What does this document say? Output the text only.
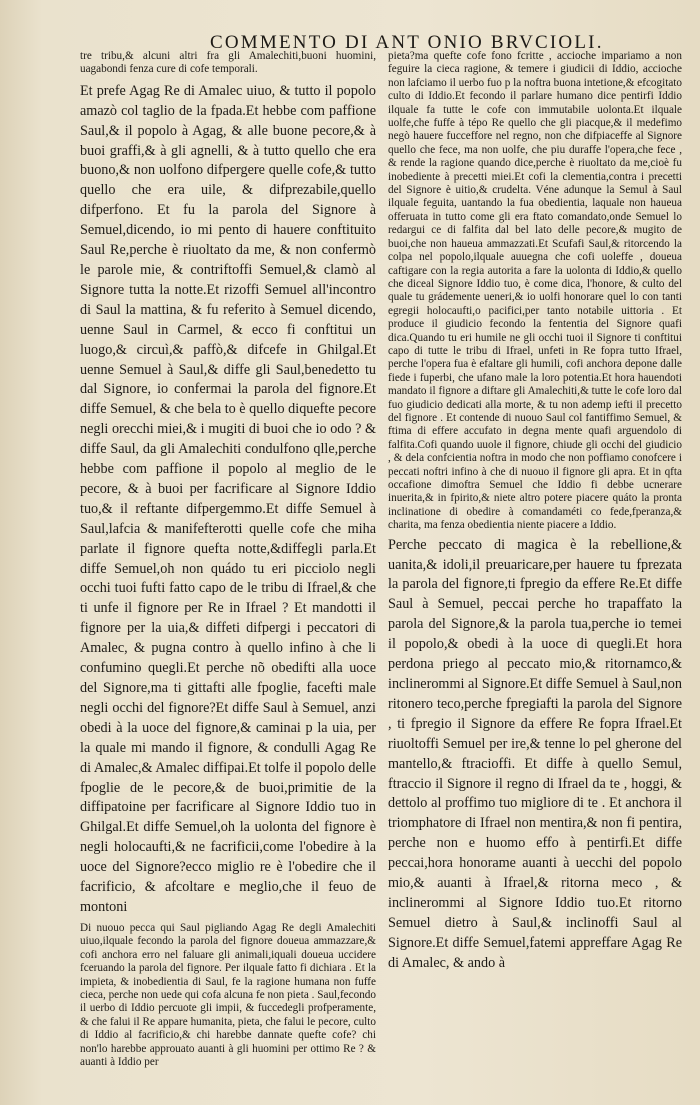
COMMENTO DI ANT ONIO BRVCIOLI.

tre tribu,& alcuni altri fra gli Amalechiti,buoni huomini, uagabondi fenza cure di cofe temporali.

Et prefe Agag Re di Amalec uiuo, & tutto il popolo amazò col taglio de la fpada.Et hebbe com paffione Saul,& il popolo à Agag, & alle buone pecore,& à buoi graffi,& à gli agnelli, & à tutto quello che era buono,& non uolfono difpergere quelle cofe,& tutto quello che era uile, & difprezabile,quello difperfono. Et fu la parola del Signore à Semuel,dicendo, io mi pento di hauere conftituito Saul Re,perche è riuoltato da me, & non confermò le parole mie, & contriftoffi Semuel,& clamò al Signore tutta la notte.Et rizoffi Semuel all'incontro di Saul la mattina, & fu referito à Semuel dicendo, uenne Saul in Carmel, & ecco fi conftitui un luogo,& circuì,& paffò,& difcefe in Ghilgal.Et uenne Semuel à Saul,& diffe gli Saul,benedetto tu dal Signore, io confermai la parola del fignore.Et diffe Semuel, & che bela to è quello diquefte pecore negli orecchi miei,& i mugiti di buoi che io odo ? & diffe Saul, da gli Amalechiti condulfono qlle,perche hebbe com paffione il popolo al meglio de le pecore, & à buoi per facrificare al Signore Iddio tuo,& il reftante difpergemmo.Et diffe Semuel à Saul,lafcia & manifefterotti quelle cofe che miha parlate il fignore quefta notte,&diffegli parla.Et diffe Semuel,oh non quádo tu eri picciolo negli occhi tuoi fufti fatto capo de le tribu di Ifrael,& che ti unfe il fignore per Re in Ifrael ? Et mandotti il fignore per la uia,& diffeti difpergi i peccatori di Amalec, & pugna contro à quello infino à che li confumino quegli.Et perche nõ obedifti alla uoce del Signore,ma ti gittafti alle fpoglie, facefti male negli occhi del fignore?Et diffe Saul à Semuel, anzi obedi à la uoce del fignore,& caminai p la uia, per la quale mi mando il fignore, & condulli Agag Re di Amalec,& Amalec diffipai.Et tolfe il popolo delle fpoglie de le pecore,& de buoi,primitie de la diffipatoine per facrificare al Signore Iddio tuo in Ghilgal.Et diffe Semuel,oh la uolonta del fignore è negli holocaufti,& ne facrificii,come l'obedire à la uoce del Signore?ecco miglio re è l'obedire che il facrificio, & afcoltare e meglio,che il feuo de montoni

Di nuouo pecca qui Saul pigliando Agag Re degli Amalechiti uiuo,ilquale fecondo la parola del fignore doueua ammazzare,& cofi anchora erro nel faluare gli animali,iquali doueua uccidere fceruando la parola del fignore. Per ilquale fatto fi dichiara . Et la impieta, & inobedientia di Saul, fe la ragione humana non fuffe cieca, perche non uede qui cofa alcuna fe non pieta . Saul,fecondo il uerbo di Iddio percuote gli impii, & fuccedegli profperamente, & che falui il Re appare humanita, pieta, che falui le pecore, culto di Iddio al facrificio,& chi harebbe dannate quefte cofe? chi non'lo harebbe approuato auanti à gli huomini per ottimo Re ? & auanti à Iddio per

pieta?ma quefte cofe fono fcritte , accioche impariamo a non feguire la cieca ragione, & temere i giudicii di Iddio, accioche non lafciamo il uerbo fuo p la noftra buona intetione,& efcogitato culto di Iddio.Et fecondo il parlare humano dice pentirfi Iddio ilquale fa tutte le cofe con immutabile uolonta.Et ilquale uolfe,che fuffe à tépo Re quello che gli piacque,& il medefimo negò hauere fucceffore nel regno, non che difpiaceffe al Signore quello che fece, ma non uolfe, che piu duraffe l'opera,che fece , & rende la ragione quando dice,perche è riuoltato da me,cioè fu inobediente à precetti miei.Et cofi la clementia,contra i precetti del Signore è uitio,& crudelta. Véne adunque la Semul à Saul ilquale feguita, uantando la fua obedientia, laquale non haueua offeruata in tutto come gli era ftato comandato,onde Semuel lo redargui ce di falfita dal bel lato delle pecore,& mugito de buoi,che non haueua ammazzati.Et Scufafi Saul,& ritorcendo la colpa nel popolo,ilquale auuegna che cofi uoleffe , doueua caftigare con la regia autorita a fare la uolonta di Iddio,& quello che diceal Signore Iddio tuo, è come dica, l'honore, & culto del quale tu grádemente ueneri,& io uolfi honorare quel lo con tanti egregii holocaufti,o pacifici,per tanto notabile uittoria . Et produce il giudicio fecondo la fententia del Signore quafi dica.Quando tu eri humile ne gli occhi tuoi il Signore ti conftitui capo di tutte le tribu di Ifrael, unfeti in Re fopra tutto Ifrael, perche l'opera fua è efaltare gli humili, cofi anchora depone dalle fiede i fuperbi, che ufano male la loro potentia.Et hora hauendoti mandato il fignore a diftare gli Amalechiti,& tutte le cofe loro dal fuo giudicio dedicati alla morte, & tu non ademp iefti il precetto del fignore . Et contende di nuouo Saul col fantiffimo Semuel, & ftima di effere accufato in degna mente quafi arguendolo di falfita.Cofi quando uuole il fignore, chiude gli occhi del giudicio , & dela confcientia noftra in modo che non poffiamo conofcere i peccati noftri infino à che di nuouo il fignore gli apra. Et in qfta occafione dimoftra Semuel che Iddio fi debbe ucnerare inuerita,& in fpirito,& niete altro potere piacere quáto la pronta inclinatione di obedire à comandaméti co fede,fperanza,& charita, ma fenza obedientia niente piacere a Iddio.

Perche peccato di magica è la rebellione,& uanita,& idoli,il preuaricare,per hauere tu fprezata la parola del fignore,ti fpregio da effere Re.Et diffe Saul à Semuel, peccai perche ho trapaffato la parola del Signore,& la parola tua,perche io temei il popolo,& obedi à la uoce di quegli.Et hora perdona priego al peccato mio,& ritornamco,& inclinerommi al Signore.Et diffe Semuel à Saul,non ritonero teco,perche fpregiafti la parola del Signore , ti fpregio il Signore da effere Re fopra Ifrael.Et riuoltoffi Semuel per ire,& tenne lo pel gherone del mantello,& ftracioffi. Et diffe à quello Semul, ftraccio il Signore il regno di Ifrael da te , hoggi, & dettolo al proffimo tuo migliore di te . Et anchora il triomphatore di Ifrael non mentira,& non fi pentira, perche non e huomo effo à pentirfi.Et diffe peccai,hora honorame auanti à uecchi del popolo mio,& auanti à Ifrael,& ritorna meco , & inclinerommi al Signore Iddio tuo.Et ritorno Semuel dietro à Saul,& inclinoffi Saul al Signore.Et diffe Semuel,fatemi appreffare Agag Re di Amalec, & ando à
